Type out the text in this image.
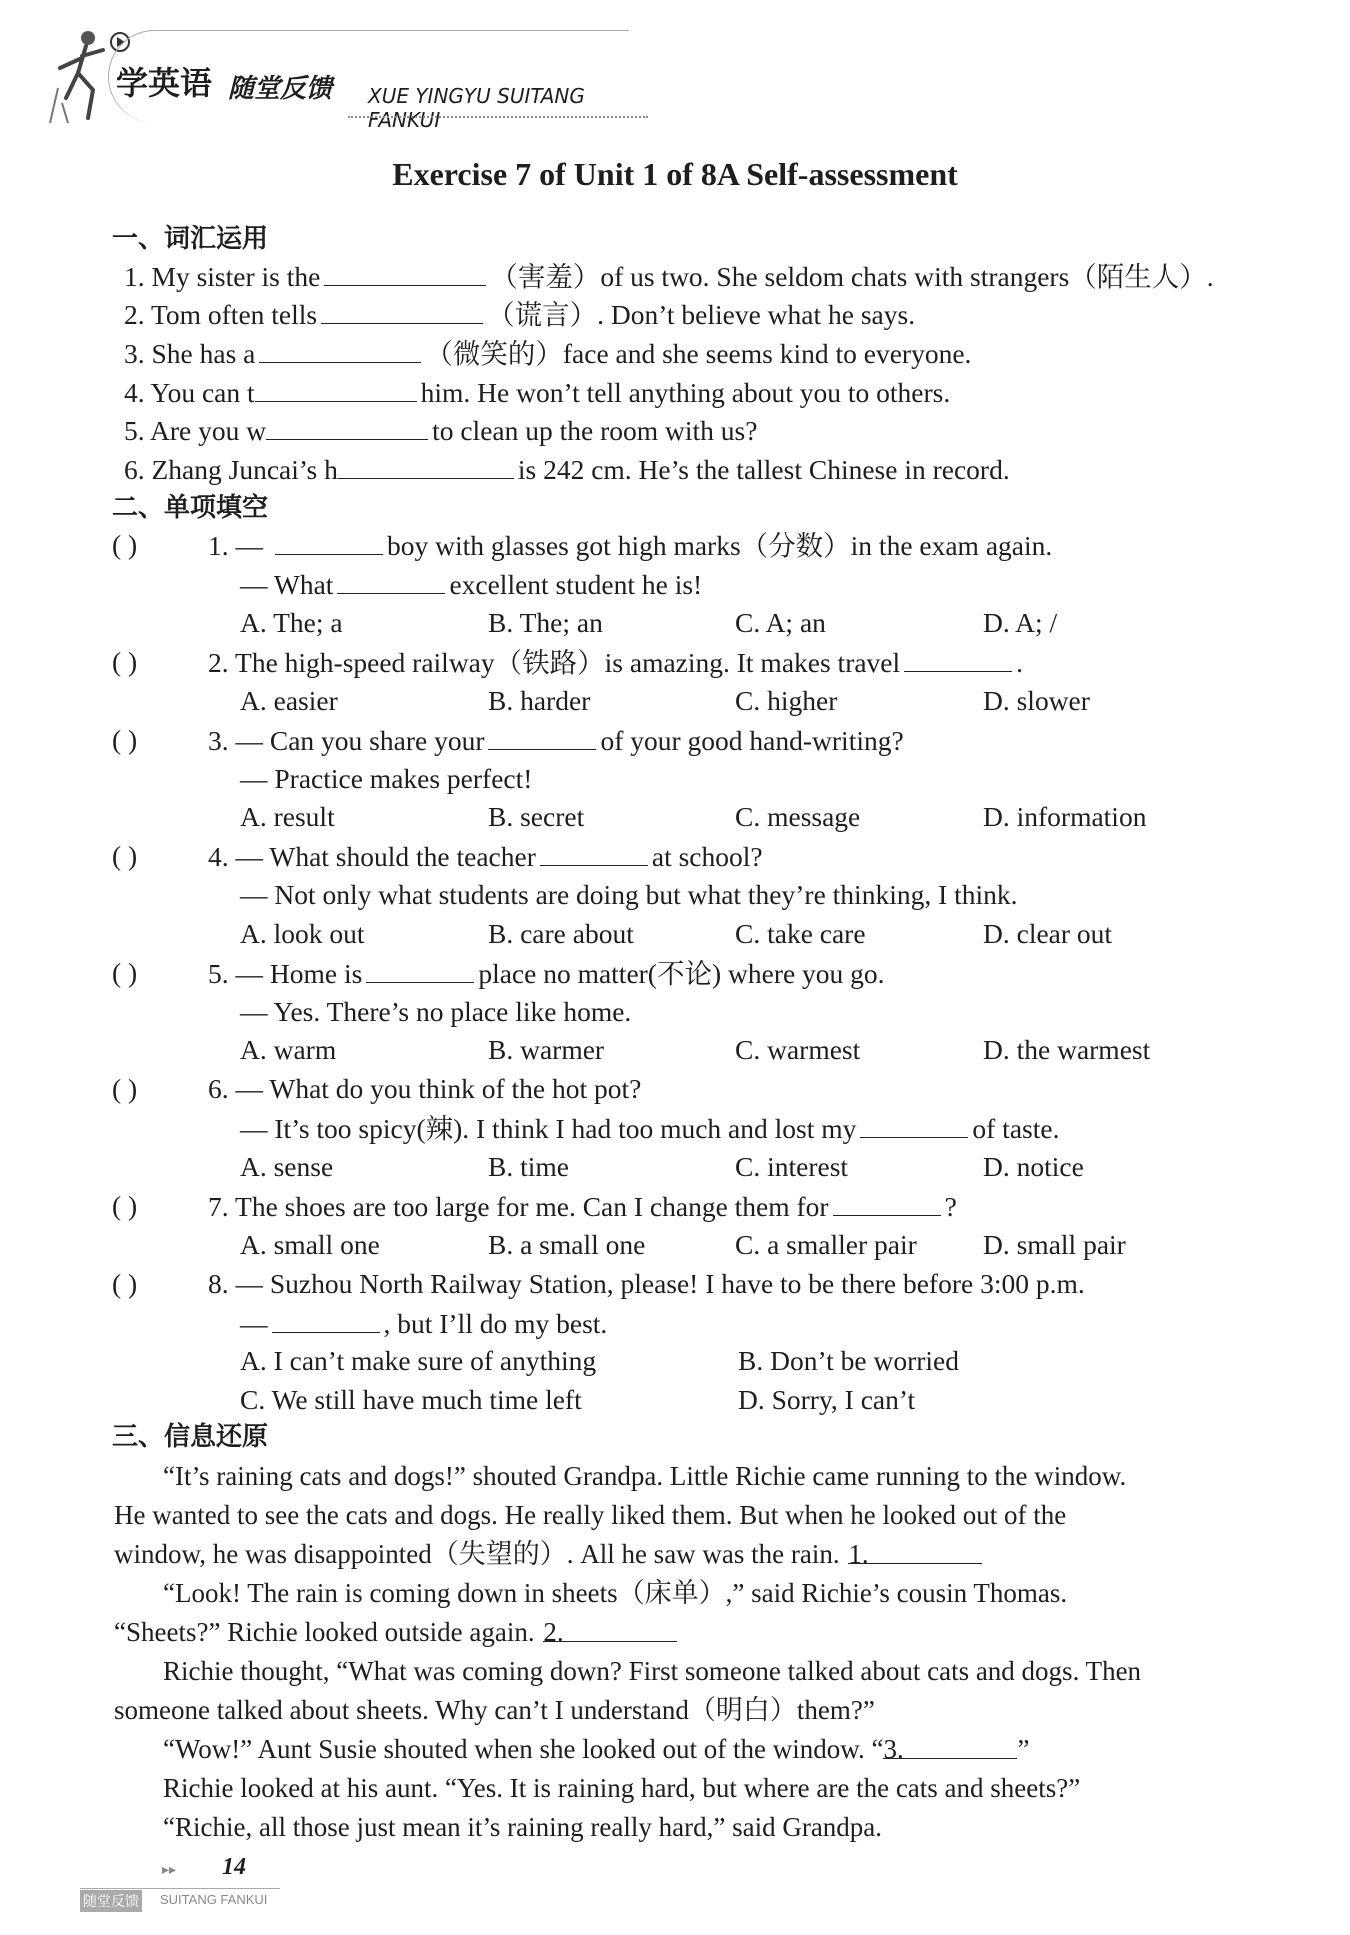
学英语 随堂反馈 XUE YINGYU SUITANG FANKUI
Exercise 7 of Unit 1 of 8A Self-assessment
一、词汇运用
1. My sister is the	（害羞）of us two. She seldom chats with strangers（陌生人）.
2. Tom often tells	（谎言）. Don’t believe what he says.
3. She has a	（微笑的）face and she seems kind to everyone.
4. You can t	him. He won’t tell anything about you to others.
5. Are you w	to clean up the room with us?
6. Zhang Juncai’s h	is 242 cm. He’s the tallest Chinese in record.
二、单项填空
( )	1. —	boy with glasses got high marks（分数）in the exam again.
— What	excellent student he is!
A. The; a	B. The; an	C. A; an	D. A; /
( )	2. The high-speed railway（铁路）is amazing. It makes travel	.
A. easier	B. harder	C. higher	D. slower
( )	3. — Can you share your	of your good hand-writing?
— Practice makes perfect!
A. result	B. secret	C. message	D. information
( )	4. — What should the teacher	at school?
— Not only what students are doing but what they’re thinking, I think.
A. look out	B. care about	C. take care	D. clear out
( )	5. — Home is	place no matter(不论) where you go.
— Yes. There’s no place like home.
A. warm	B. warmer	C. warmest	D. the warmest
( )	6. — What do you think of the hot pot?
— It’s too spicy(辣). I think I had too much and lost my	of taste.
A. sense	B. time	C. interest	D. notice
( )	7. The shoes are too large for me. Can I change them for	?
A. small one	B. a small one	C. a smaller pair D. small pair
( )	8. — Suzhou North Railway Station, please! I have to be there before 3:00 p.m.
—	, but I’ll do my best.
A. I can’t make sure of anything	B. Don’t be worried
C. We still have much time left	D. Sorry, I can’t
三、信息还原
“It’s raining cats and dogs!” shouted Grandpa. Little Richie came running to the window.
He wanted to see the cats and dogs. He really liked them. But when he looked out of the
window, he was disappointed（失望的）. All he saw was the rain. 1.
“Look! The rain is coming down in sheets（床单）,” said Richie’s cousin Thomas.
“Sheets?” Richie looked outside again. 2.
Richie thought, “What was coming down? First someone talked about cats and dogs. Then
someone talked about sheets. Why can’t I understand（明白）them?”
“Wow!” Aunt Susie shouted when she looked out of the window. “3.	”
Richie looked at his aunt. “Yes. It is raining hard, but where are the cats and sheets?”
“Richie, all those just mean it’s raining really hard,” said Grandpa.
▸▸ 14
随堂反馈 SUITANG FANKUI
